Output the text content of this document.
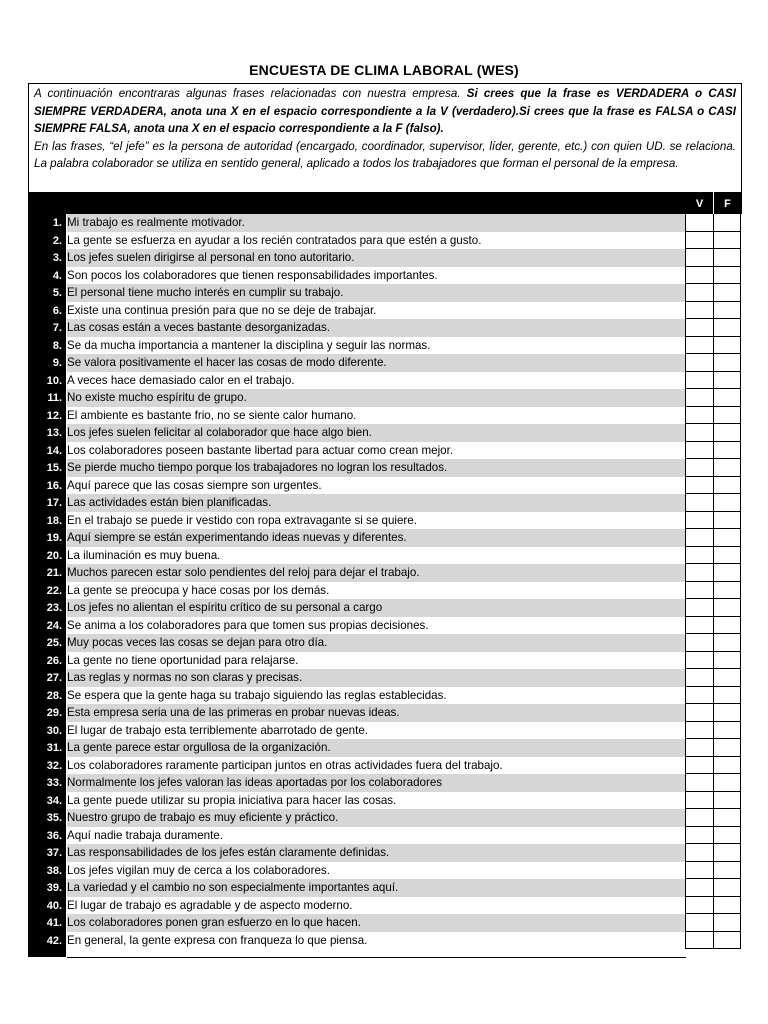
ENCUESTA DE CLIMA LABORAL (WES)

A continuación encontraras algunas frases relacionadas con nuestra empresa. Si crees que la frase es VERDADERA o CASI SIEMPRE VERDADERA, anota una X en el espacio correspondiente a la V (verdadero).Si crees que la frase es FALSA o CASI SIEMPRE FALSA, anota una X en el espacio correspondiente a la F (falso).

En las frases, “el jefe” es la persona de autoridad (encargado, coordinador, supervisor, líder, gerente, etc.) con quien UD. se relaciona. La palabra colaborador se utiliza en sentido general, aplicado a todos los trabajadores que forman el personal de la empresa.

V	F
1. Mi trabajo es realmente motivador.
2. La gente se esfuerza en ayudar a los recién contratados para que estén a gusto.
3. Los jefes suelen dirigirse al personal en tono autoritario.
4. Son pocos los colaboradores que tienen responsabilidades importantes.
5. El personal tiene mucho interés en cumplir su trabajo.
6. Existe una continua presión para que no se deje de trabajar.
7. Las cosas están a veces bastante desorganizadas.
8. Se da mucha importancia a mantener la disciplina y seguir las normas.
9. Se valora positivamente el hacer las cosas de modo diferente.
10. A veces hace demasiado calor en el trabajo.
11. No existe mucho espíritu de grupo.
12. El ambiente es bastante frio, no se siente calor humano.
13. Los jefes suelen felicitar al colaborador que hace algo bien.
14. Los colaboradores poseen bastante libertad para actuar como crean mejor.
15. Se pierde mucho tiempo porque los trabajadores no logran los resultados.
16. Aquí parece que las cosas siempre son urgentes.
17. Las actividades están bien planificadas.
18. En el trabajo se puede ir vestido con ropa extravagante si se quiere.
19. Aquí siempre se están experimentando ideas nuevas y diferentes.
20. La iluminación es muy buena.
21. Muchos parecen estar solo pendientes del reloj para dejar el trabajo.
22. La gente se preocupa y hace cosas por los demás.
23. Los jefes no alientan el espíritu crítico de su personal a cargo
24. Se anima a los colaboradores para que tomen sus propias decisiones.
25. Muy pocas veces las cosas se dejan para otro día.
26. La gente no tiene oportunidad para relajarse.
27. Las reglas y normas no son claras y precisas.
28. Se espera que la gente haga su trabajo siguiendo las reglas establecidas.
29. Esta empresa seria una de las primeras en probar nuevas ideas.
30. El lugar de trabajo esta terriblemente abarrotado de gente.
31. La gente parece estar orgullosa de la organización.
32. Los colaboradores raramente participan juntos en otras actividades fuera del trabajo.
33. Normalmente los jefes valoran las ideas aportadas por los colaboradores
34. La gente puede utilizar su propia iniciativa para hacer las cosas.
35. Nuestro grupo de trabajo es muy eficiente y práctico.
36. Aquí nadie trabaja duramente.
37. Las responsabilidades de los jefes están claramente definidas.
38. Los jefes vigilan muy de cerca a los colaboradores.
39. La variedad y el cambio no son especialmente importantes aquí.
40. El lugar de trabajo es agradable y de aspecto moderno.
41. Los colaboradores ponen gran esfuerzo en lo que hacen.
42. En general, la gente expresa con franqueza lo que piensa.
